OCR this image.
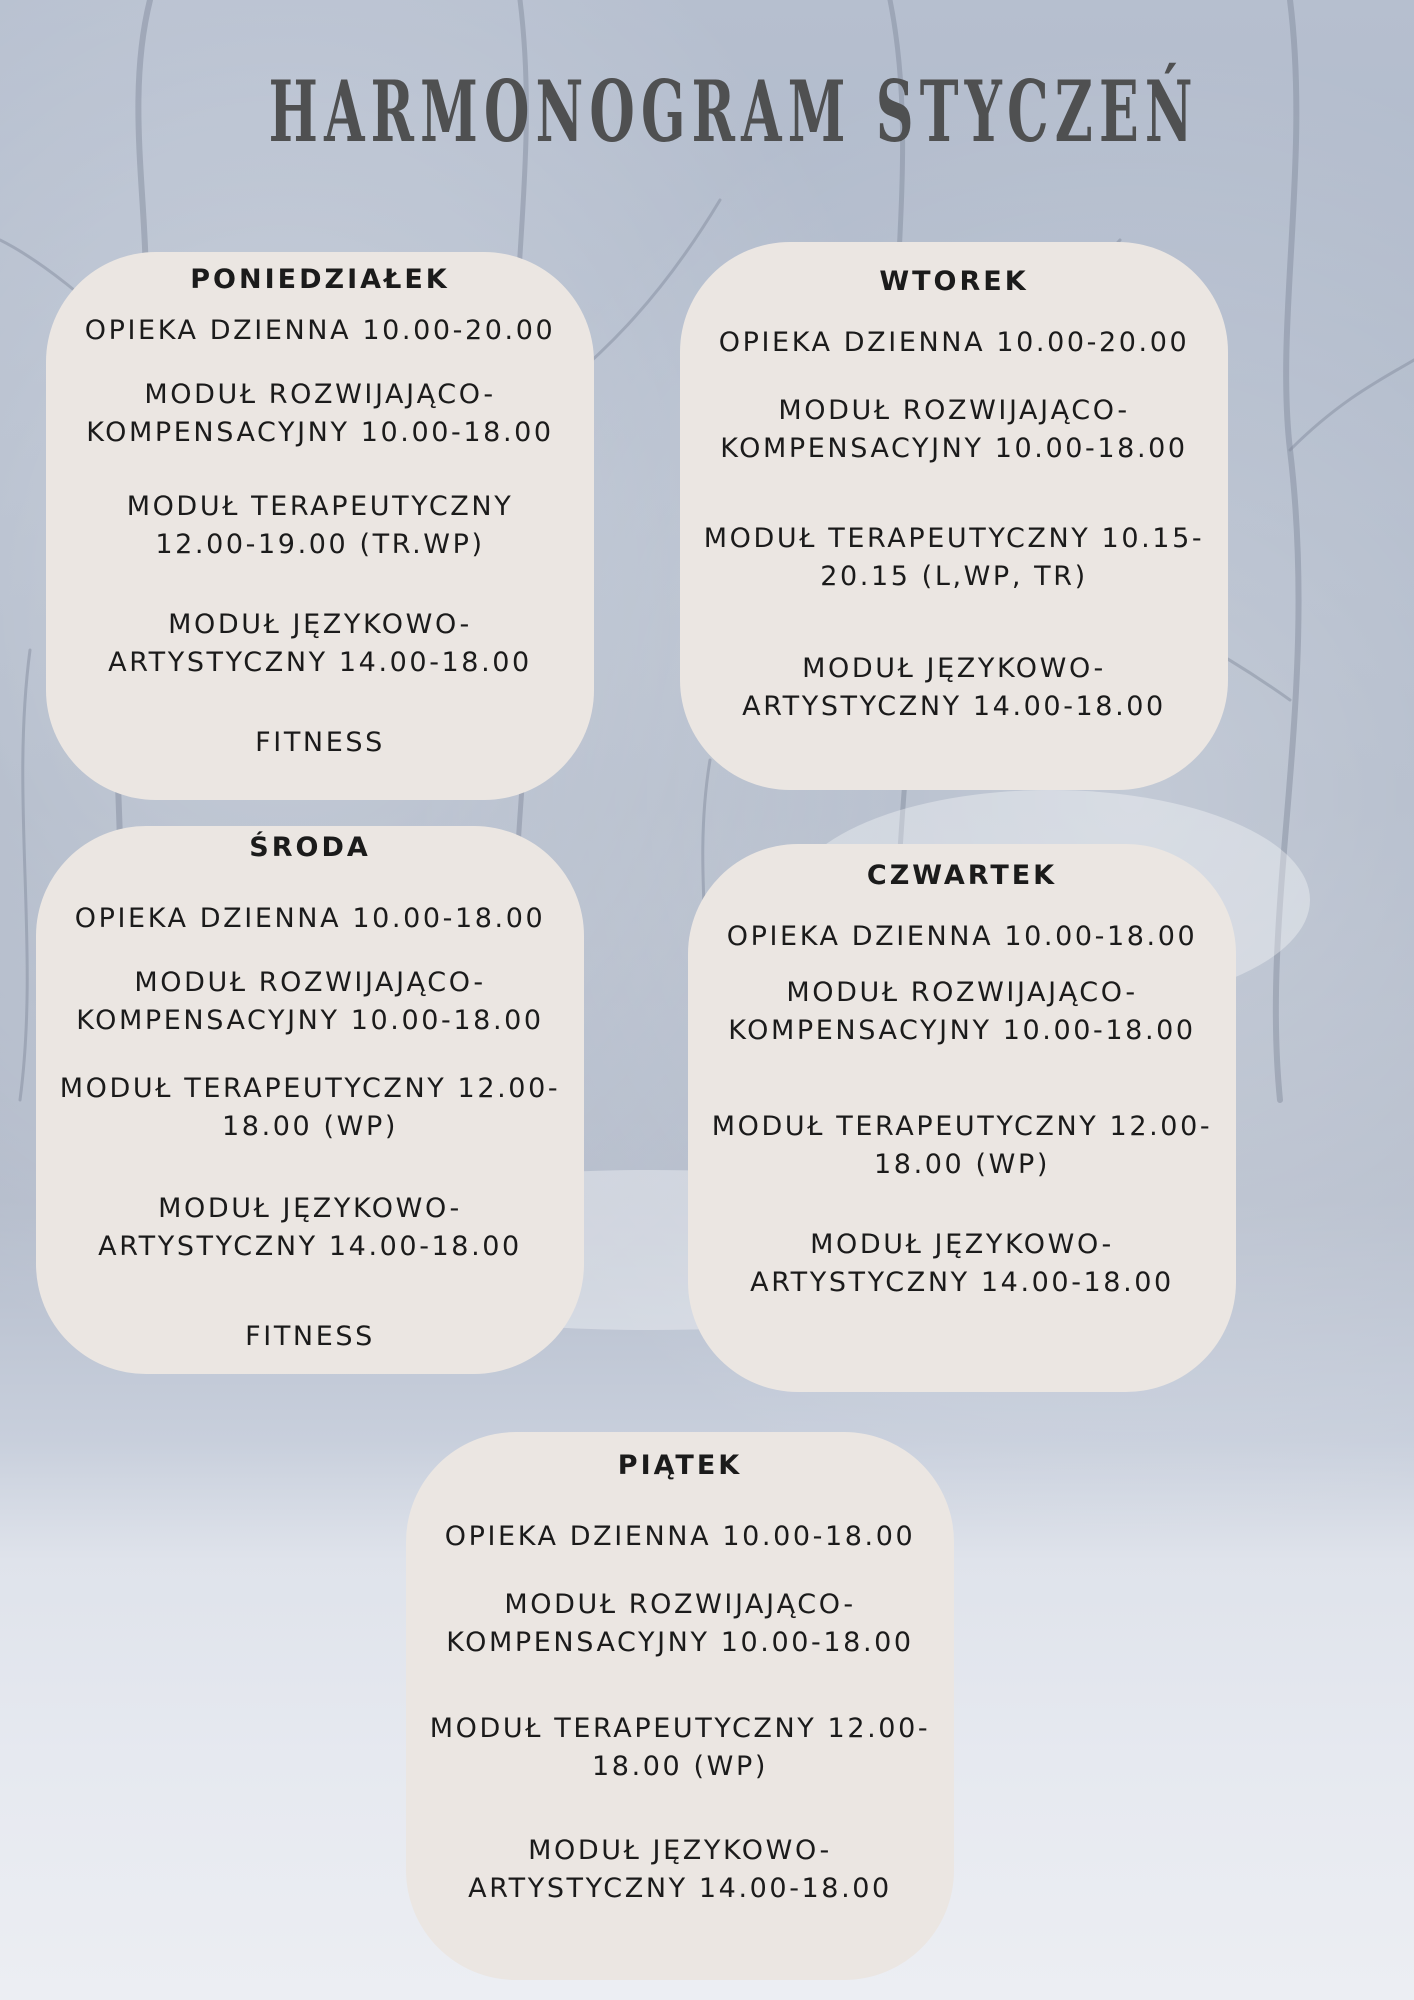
HARMONOGRAM STYCZEŃ
PONIEDZIAŁEK
OPIEKA DZIENNA 10.00-20.00
MODUŁ ROZWIJAJĄCO-
KOMPENSACYJNY 10.00-18.00
MODUŁ TERAPEUTYCZNY
12.00-19.00 (TR.WP)
MODUŁ JĘZYKOWO-
ARTYSTYCZNY 14.00-18.00
FITNESS
WTOREK
OPIEKA DZIENNA 10.00-20.00
MODUŁ ROZWIJAJĄCO-
KOMPENSACYJNY 10.00-18.00
MODUŁ TERAPEUTYCZNY 10.15-
20.15 (L,WP, TR)
MODUŁ JĘZYKOWO-
ARTYSTYCZNY 14.00-18.00
ŚRODA
OPIEKA DZIENNA 10.00-18.00
MODUŁ ROZWIJAJĄCO-
KOMPENSACYJNY 10.00-18.00
MODUŁ TERAPEUTYCZNY 12.00-
18.00 (WP)
MODUŁ JĘZYKOWO-
ARTYSTYCZNY 14.00-18.00
FITNESS
CZWARTEK
OPIEKA DZIENNA 10.00-18.00
MODUŁ ROZWIJAJĄCO-
KOMPENSACYJNY 10.00-18.00
MODUŁ TERAPEUTYCZNY 12.00-
18.00 (WP)
MODUŁ JĘZYKOWO-
ARTYSTYCZNY 14.00-18.00
PIĄTEK
OPIEKA DZIENNA 10.00-18.00
MODUŁ ROZWIJAJĄCO-
KOMPENSACYJNY 10.00-18.00
MODUŁ TERAPEUTYCZNY 12.00-
18.00 (WP)
MODUŁ JĘZYKOWO-
ARTYSTYCZNY 14.00-18.00
